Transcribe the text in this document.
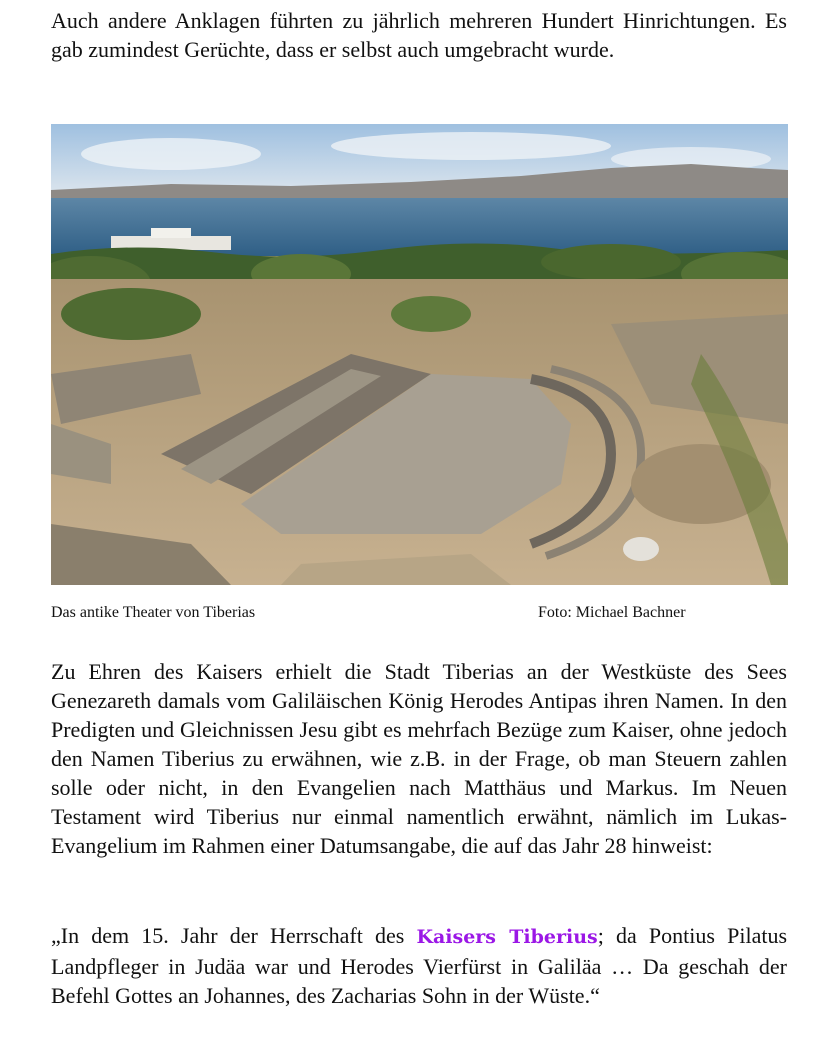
Auch andere Anklagen führten zu jährlich mehreren Hundert Hinrichtungen. Es gab zumindest Gerüchte, dass er selbst auch umgebracht wurde.

Das antike Theater von Tiberias	Foto: Michael Bachner

Zu Ehren des Kaisers erhielt die Stadt Tiberias an der Westküste des Sees Genezareth damals vom Galiläischen König Herodes Antipas ihren Namen. In den Predigten und Gleichnissen Jesu gibt es mehrfach Bezüge zum Kaiser, ohne jedoch den Namen Tiberius zu erwähnen, wie z.B. in der Frage, ob man Steuern zahlen solle oder nicht, in den Evangelien nach Matthäus und Markus. Im Neuen Testament wird Tiberius nur einmal namentlich erwähnt, nämlich im Lukas-Evangelium im Rahmen einer Datumsangabe, die auf das Jahr 28 hinweist:

„In dem 15. Jahr der Herrschaft des Kaisers Tiberius; da Pontius Pilatus Landpfleger in Judäa war und Herodes Vierfürst in Galiläa … Da geschah der Befehl Gottes an Johannes, des Zacharias Sohn in der Wüste.“
